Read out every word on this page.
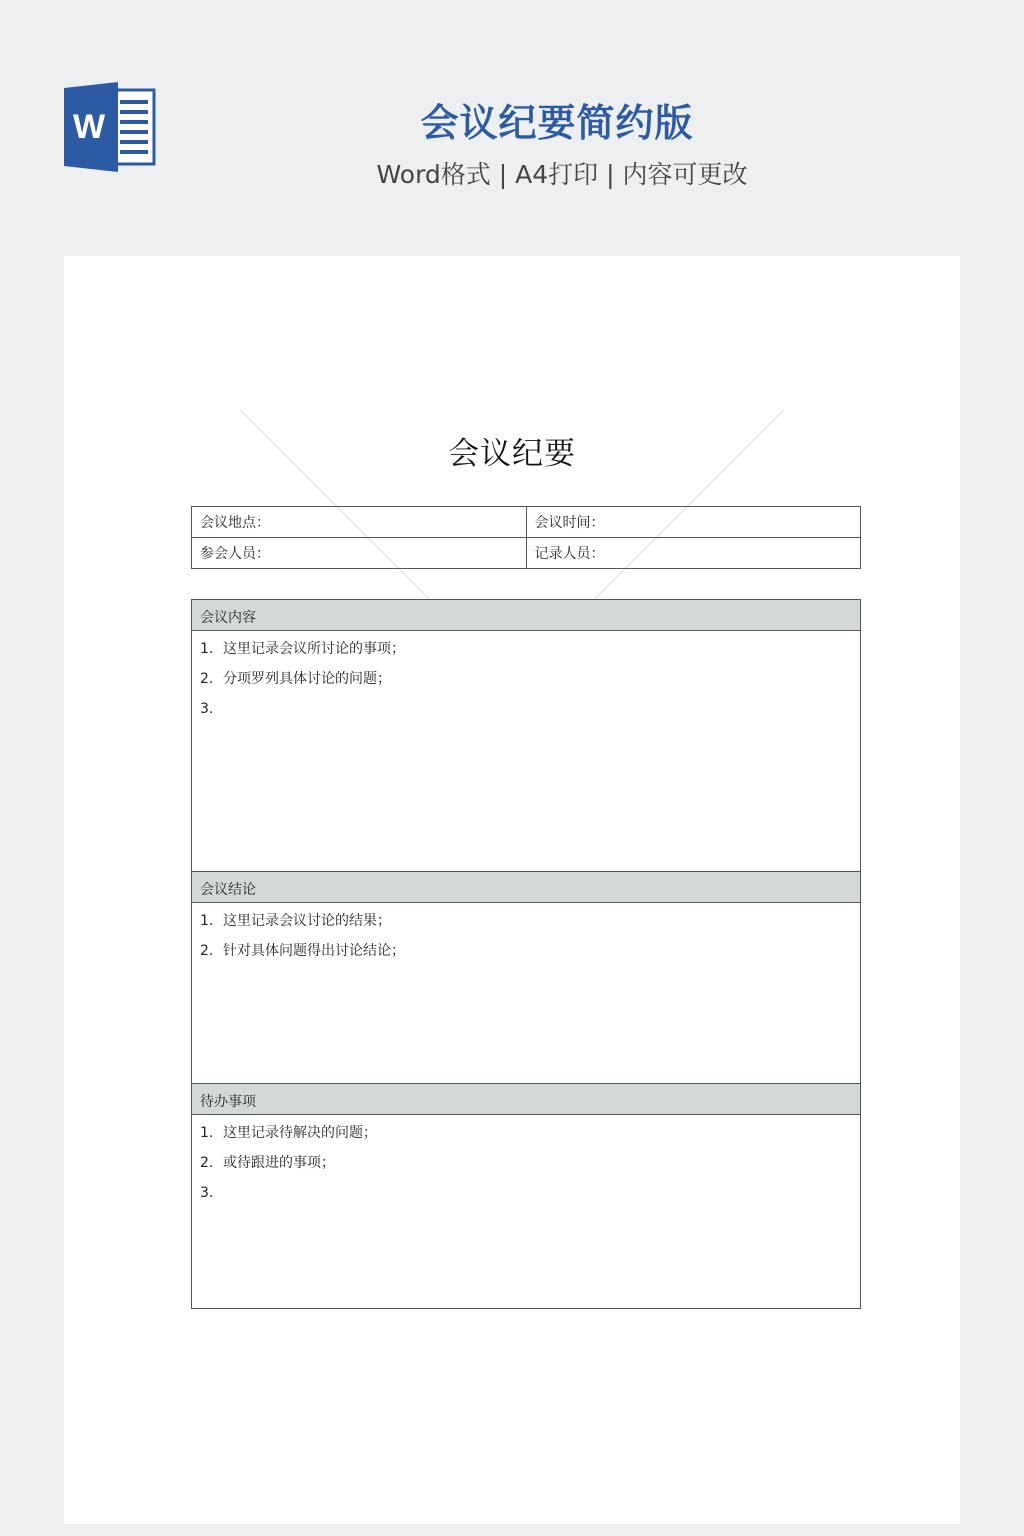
W	会议纪要简约版
Word格式 | A4打印 | 内容可更改
会议纪要
会议地点：	会议时间：
参会人员：	记录人员：
会议内容
1. 这里记录会议所讨论的事项；
2. 分项罗列具体讨论的问题；
3.
会议结论
1. 这里记录会议讨论的结果；
2. 针对具体问题得出讨论结论；
待办事项
1. 这里记录待解决的问题；
2. 或待跟进的事项；
3.
